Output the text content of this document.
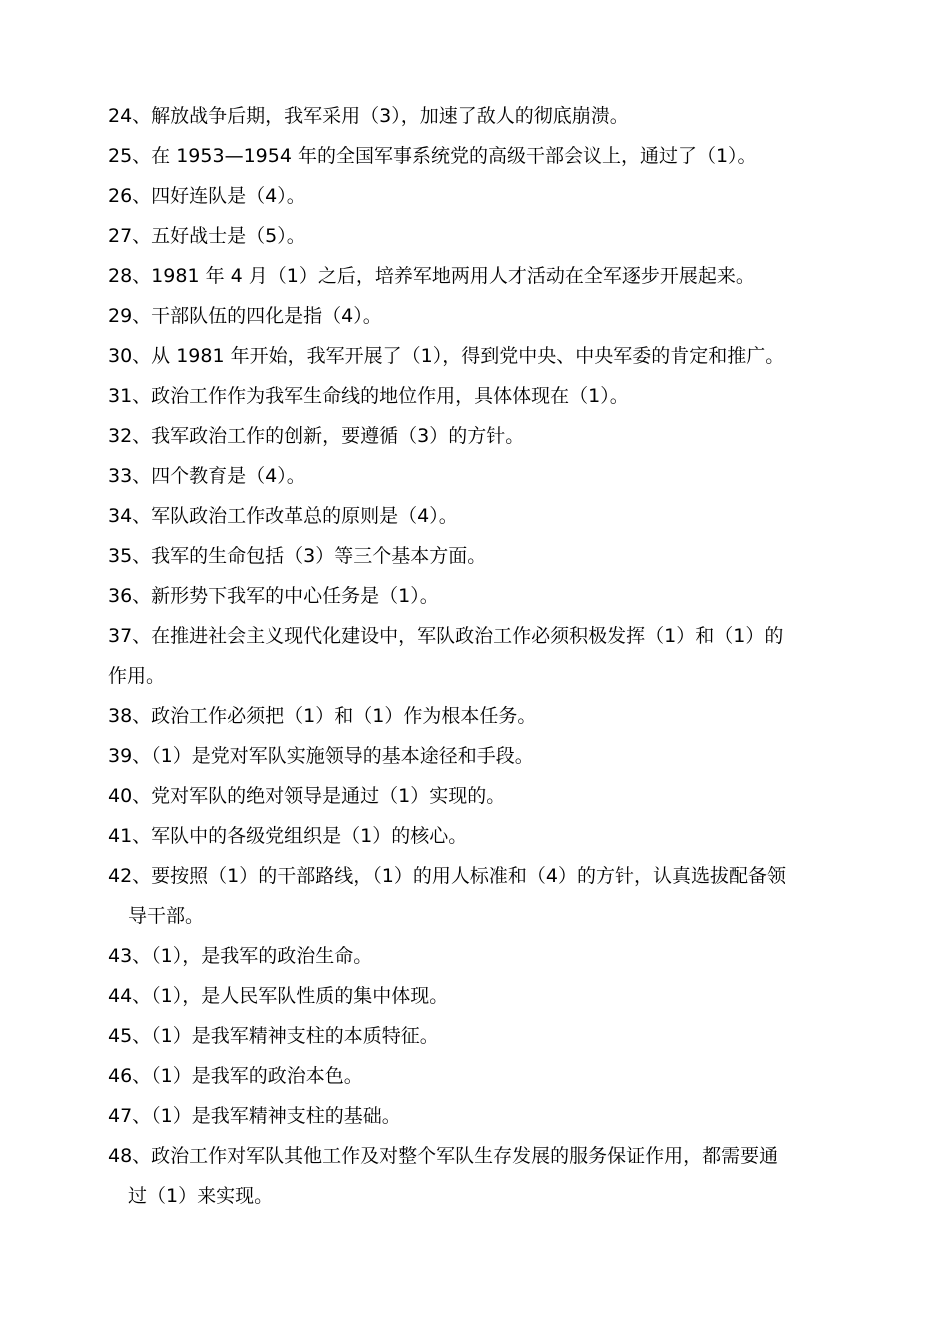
24、解放战争后期，我军采用（3），加速了敌人的彻底崩溃。
25、在 1953—1954 年的全国军事系统党的高级干部会议上，通过了（1）。
26、四好连队是（4）。
27、五好战士是（5）。
28、1981 年 4 月（1）之后，培养军地两用人才活动在全军逐步开展起来。
29、干部队伍的四化是指（4）。
30、从 1981 年开始，我军开展了（1），得到党中央、中央军委的肯定和推广。
31、政治工作作为我军生命线的地位作用，具体体现在（1）。
32、我军政治工作的创新，要遵循（3）的方针。
33、四个教育是（4）。
34、军队政治工作改革总的原则是（4）。
35、我军的生命包括（3）等三个基本方面。
36、新形势下我军的中心任务是（1）。
37、在推进社会主义现代化建设中，军队政治工作必须积极发挥（1）和（1）的
作用。
38、政治工作必须把（1）和（1）作为根本任务。
39、（1）是党对军队实施领导的基本途径和手段。
40、党对军队的绝对领导是通过（1）实现的。
41、军队中的各级党组织是（1）的核心。
42、要按照（1）的干部路线，（1）的用人标准和（4）的方针，认真选拔配备领
导干部。
43、（1），是我军的政治生命。
44、（1），是人民军队性质的集中体现。
45、（1）是我军精神支柱的本质特征。
46、（1）是我军的政治本色。
47、（1）是我军精神支柱的基础。
48、政治工作对军队其他工作及对整个军队生存发展的服务保证作用，都需要通
过（1）来实现。
